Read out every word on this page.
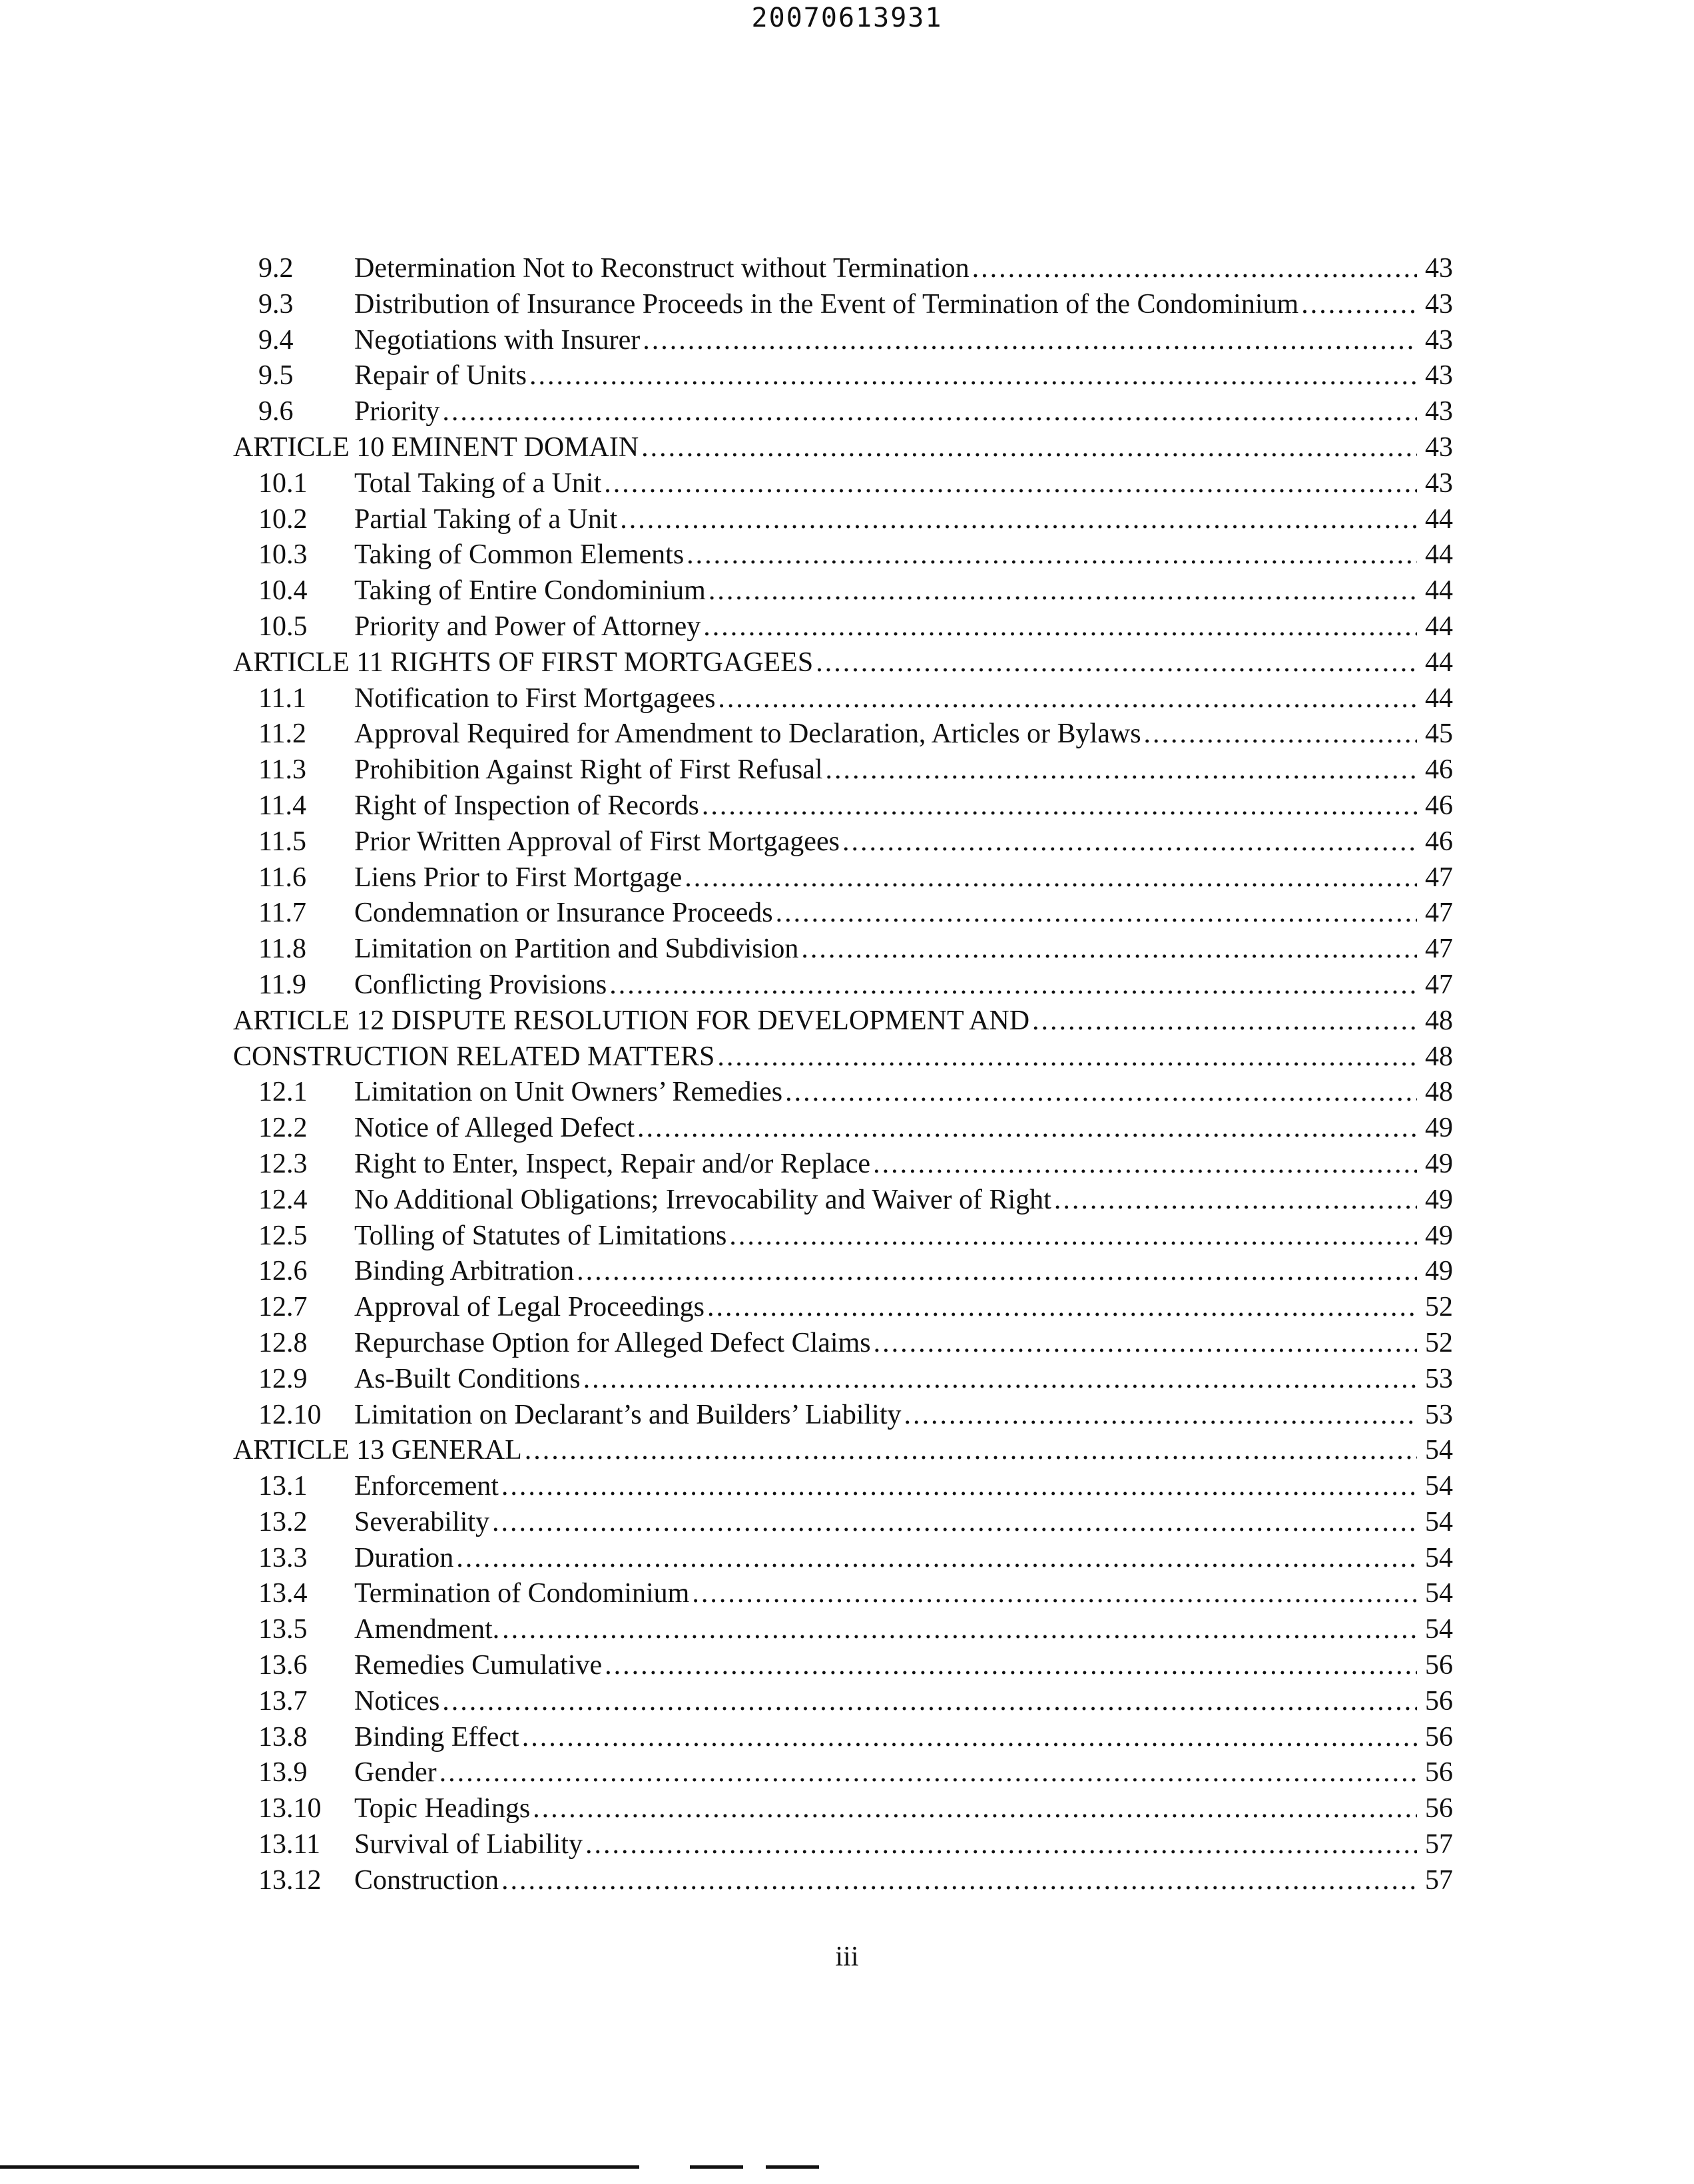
20070613931
9.2	Determination Not to Reconstruct without Termination .....	43
9.3	Distribution of Insurance Proceeds in the Event of Termination of the Condominium .....	43
9.4	Negotiations with Insurer .....	43
9.5	Repair of Units .....	43
9.6	Priority .....	43
ARTICLE 10 EMINENT DOMAIN .....	43
10.1	Total Taking of a Unit .....	43
10.2	Partial Taking of a Unit .....	44
10.3	Taking of Common Elements .....	44
10.4	Taking of Entire Condominium .....	44
10.5	Priority and Power of Attorney .....	44
ARTICLE 11 RIGHTS OF FIRST MORTGAGEES .....	44
11.1	Notification to First Mortgagees .....	44
11.2	Approval Required for Amendment to Declaration, Articles or Bylaws .....	45
11.3	Prohibition Against Right of First Refusal .....	46
11.4	Right of Inspection of Records .....	46
11.5	Prior Written Approval of First Mortgagees .....	46
11.6	Liens Prior to First Mortgage .....	47
11.7	Condemnation or Insurance Proceeds .....	47
11.8	Limitation on Partition and Subdivision .....	47
11.9	Conflicting Provisions .....	47
ARTICLE 12 DISPUTE RESOLUTION FOR DEVELOPMENT AND .....	48
CONSTRUCTION RELATED MATTERS .....	48
12.1	Limitation on Unit Owners’ Remedies .....	48
12.2	Notice of Alleged Defect .....	49
12.3	Right to Enter, Inspect, Repair and/or Replace .....	49
12.4	No Additional Obligations; Irrevocability and Waiver of Right .....	49
12.5	Tolling of Statutes of Limitations .....	49
12.6	Binding Arbitration .....	49
12.7	Approval of Legal Proceedings .....	52
12.8	Repurchase Option for Alleged Defect Claims .....	52
12.9	As-Built Conditions .....	53
12.10	Limitation on Declarant’s and Builders’ Liability .....	53
ARTICLE 13 GENERAL .....	54
13.1	Enforcement .....	54
13.2	Severability .....	54
13.3	Duration .....	54
13.4	Termination of Condominium .....	54
13.5	Amendment. .....	54
13.6	Remedies Cumulative .....	56
13.7	Notices .....	56
13.8	Binding Effect .....	56
13.9	Gender .....	56
13.10	Topic Headings .....	56
13.11	Survival of Liability .....	57
13.12	Construction .....	57
iii
